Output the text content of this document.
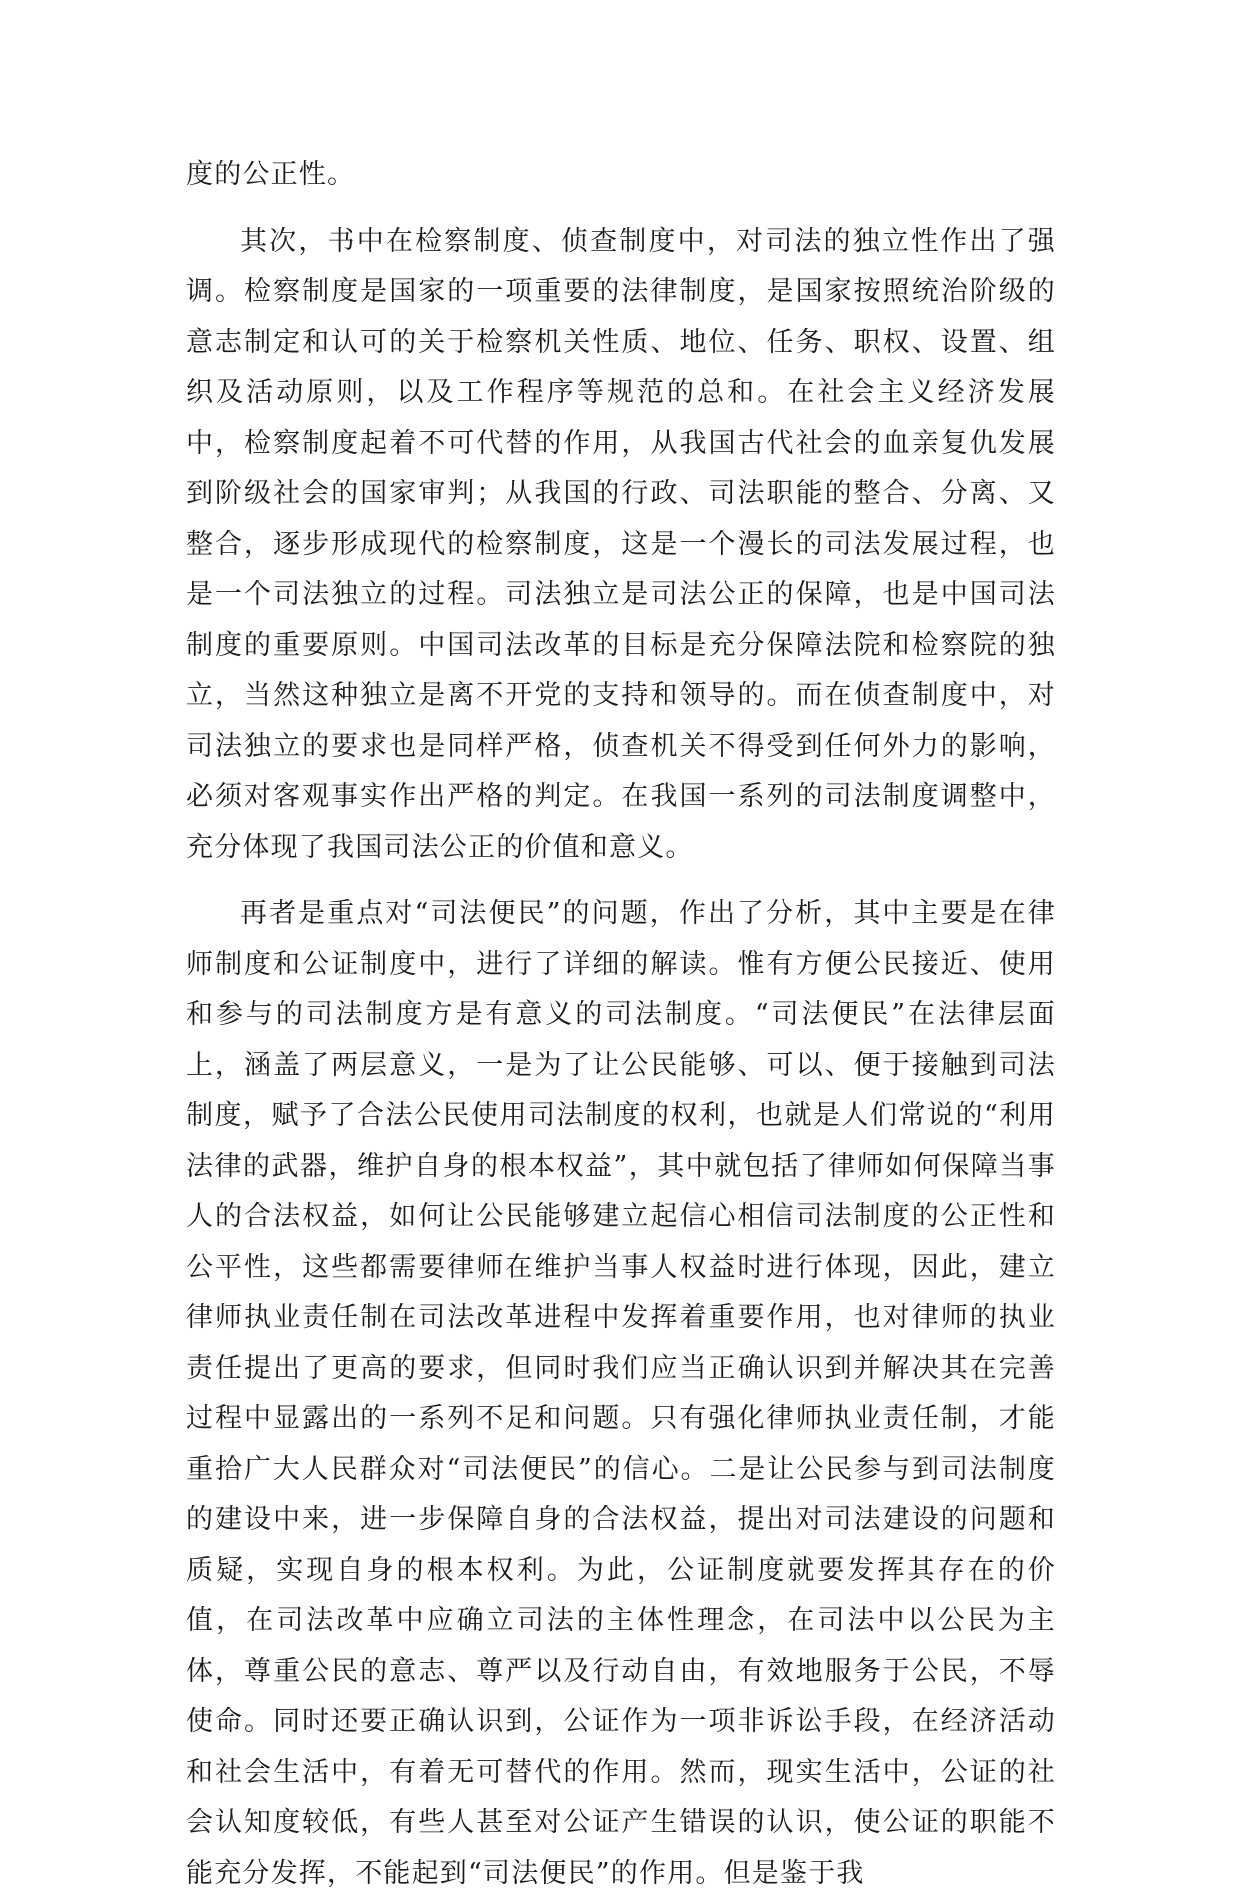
度的公正性。

其次，书中在检察制度、侦查制度中，对司法的独立性作出了强调。检察制度是国家的一项重要的法律制度，是国家按照统治阶级的意志制定和认可的关于检察机关性质、地位、任务、职权、设置、组织及活动原则，以及工作程序等规范的总和。在社会主义经济发展中，检察制度起着不可代替的作用，从我国古代社会的血亲复仇发展到阶级社会的国家审判；从我国的行政、司法职能的整合、分离、又整合，逐步形成现代的检察制度，这是一个漫长的司法发展过程，也是一个司法独立的过程。司法独立是司法公正的保障，也是中国司法制度的重要原则。中国司法改革的目标是充分保障法院和检察院的独立，当然这种独立是离不开党的支持和领导的。而在侦查制度中，对司法独立的要求也是同样严格，侦查机关不得受到任何外力的影响，必须对客观事实作出严格的判定。在我国一系列的司法制度调整中，充分体现了我国司法公正的价值和意义。

再者是重点对“司法便民”的问题，作出了分析，其中主要是在律师制度和公证制度中，进行了详细的解读。惟有方便公民接近、使用和参与的司法制度方是有意义的司法制度。“司法便民”在法律层面上，涵盖了两层意义，一是为了让公民能够、可以、便于接触到司法制度，赋予了合法公民使用司法制度的权利，也就是人们常说的“利用法律的武器，维护自身的根本权益”，其中就包括了律师如何保障当事人的合法权益，如何让公民能够建立起信心相信司法制度的公正性和公平性，这些都需要律师在维护当事人权益时进行体现，因此，建立律师执业责任制在司法改革进程中发挥着重要作用，也对律师的执业责任提出了更高的要求，但同时我们应当正确认识到并解决其在完善过程中显露出的一系列不足和问题。只有强化律师执业责任制，才能重拾广大人民群众对“司法便民”的信心。二是让公民参与到司法制度的建设中来，进一步保障自身的合法权益，提出对司法建设的问题和质疑，实现自身的根本权利。为此，公证制度就要发挥其存在的价值，在司法改革中应确立司法的主体性理念，在司法中以公民为主体，尊重公民的意志、尊严以及行动自由，有效地服务于公民，不辱使命。同时还要正确认识到，公证作为一项非诉讼手段，在经济活动和社会生活中，有着无可替代的作用。然而，现实生活中，公证的社会认知度较低，有些人甚至对公证产生错误的认识，使公证的职能不能充分发挥，不能起到“司法便民”的作用。但是鉴于我
